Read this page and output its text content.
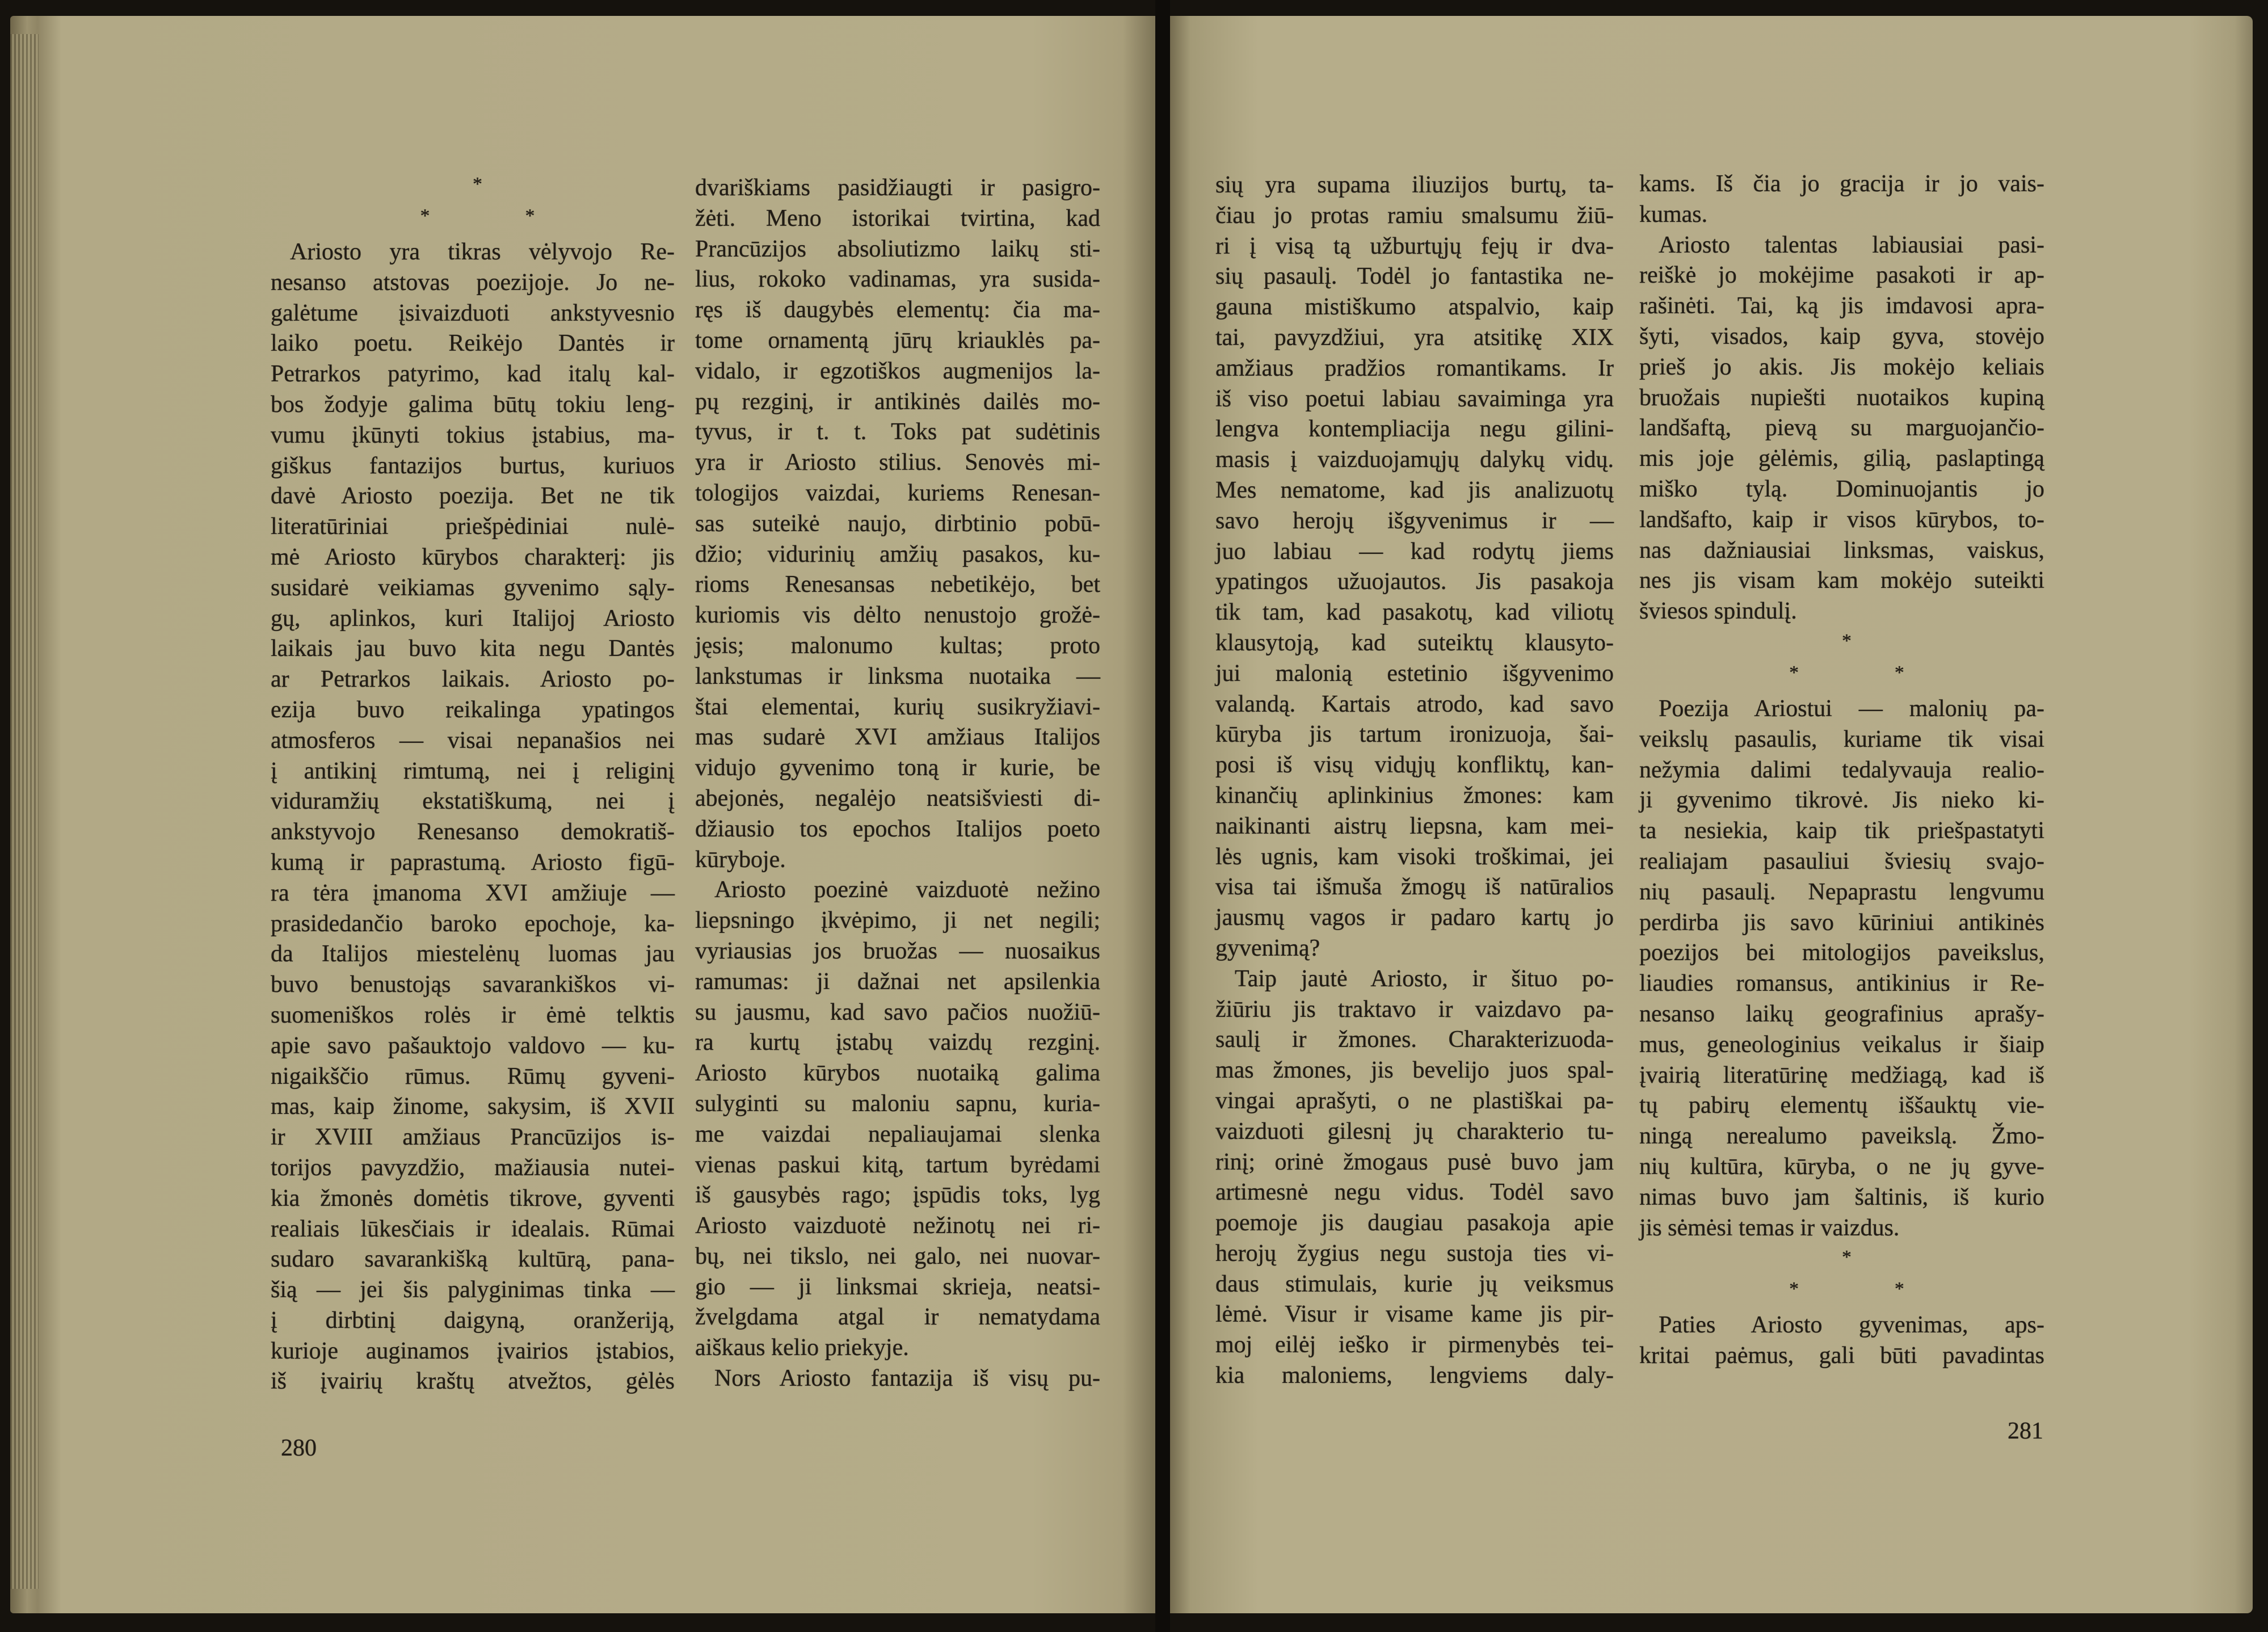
*
*	*
Ariosto yra tikras vėlyvojo Re-
nesanso atstovas poezijoje. Jo ne-
galėtume įsivaizduoti ankstyvesnio
laiko poetu. Reikėjo Dantės ir
Petrarkos patyrimo, kad italų kal-
bos žodyje galima būtų tokiu leng-
vumu įkūnyti tokius įstabius, ma-
giškus fantazijos burtus, kuriuos
davė Ariosto poezija. Bet ne tik
literatūriniai priešpėdiniai nulė-
mė Ariosto kūrybos charakterį: jis
susidarė veikiamas gyvenimo sąly-
gų, aplinkos, kuri Italijoj Ariosto
laikais jau buvo kita negu Dantės
ar Petrarkos laikais. Ariosto po-
ezija buvo reikalinga ypatingos
atmosferos — visai nepanašios nei
į antikinį rimtumą, nei į religinį
viduramžių ekstatiškumą, nei į
ankstyvojo Renesanso demokratiš-
kumą ir paprastumą. Ariosto figū-
ra tėra įmanoma XVI amžiuje —
prasidedančio baroko epochoje, ka-
da Italijos miestelėnų luomas jau
buvo benustojąs savarankiškos vi-
suomeniškos rolės ir ėmė telktis
apie savo pašauktojo valdovo — ku-
nigaikščio rūmus. Rūmų gyveni-
mas, kaip žinome, sakysim, iš XVII
ir XVIII amžiaus Prancūzijos is-
torijos pavyzdžio, mažiausia nutei-
kia žmonės domėtis tikrove, gyventi
realiais lūkesčiais ir idealais. Rūmai
sudaro savarankišką kultūrą, pana-
šią — jei šis palyginimas tinka —
į dirbtinį daigyną, oranžeriją,
kurioje auginamos įvairios įstabios,
iš įvairių kraštų atvežtos, gėlės
dvariškiams pasidžiaugti ir pasigro-
žėti. Meno istorikai tvirtina, kad
Prancūzijos absoliutizmo laikų sti-
lius, rokoko vadinamas, yra susida-
ręs iš daugybės elementų: čia ma-
tome ornamentą jūrų kriauklės pa-
vidalo, ir egzotiškos augmenijos la-
pų rezginį, ir antikinės dailės mo-
tyvus, ir t. t. Toks pat sudėtinis
yra ir Ariosto stilius. Senovės mi-
tologijos vaizdai, kuriems Renesan-
sas suteikė naujo, dirbtinio pobū-
džio; vidurinių amžių pasakos, ku-
rioms Renesansas nebetikėjo, bet
kuriomis vis dėlto nenustojo grožė-
jęsis; malonumo kultas; proto
lankstumas ir linksma nuotaika —
štai elementai, kurių susikryžiavi-
mas sudarė XVI amžiaus Italijos
vidujo gyvenimo toną ir kurie, be
abejonės, negalėjo neatsišviesti di-
džiausio tos epochos Italijos poeto
kūryboje.
Ariosto poezinė vaizduotė nežino
liepsningo įkvėpimo, ji net negili;
vyriausias jos bruožas — nuosaikus
ramumas: ji dažnai net apsilenkia
su jausmu, kad savo pačios nuožiū-
ra kurtų įstabų vaizdų rezginį.
Ariosto kūrybos nuotaiką galima
sulyginti su maloniu sapnu, kuria-
me vaizdai nepaliaujamai slenka
vienas paskui kitą, tartum byrėdami
iš gausybės rago; įspūdis toks, lyg
Ariosto vaizduotė nežinotų nei ri-
bų, nei tikslo, nei galo, nei nuovar-
gio — ji linksmai skrieja, neatsi-
žvelgdama atgal ir nematydama
aiškaus kelio priekyje.
Nors Ariosto fantazija iš visų pu-
sių yra supama iliuzijos burtų, ta-
čiau jo protas ramiu smalsumu žiū-
ri į visą tą užburtųjų fejų ir dva-
sių pasaulį. Todėl jo fantastika ne-
gauna mistiškumo atspalvio, kaip
tai, pavyzdžiui, yra atsitikę XIX
amžiaus pradžios romantikams. Ir
iš viso poetui labiau savaiminga yra
lengva kontempliacija negu gilini-
masis į vaizduojamųjų dalykų vidų.
Mes nematome, kad jis analizuotų
savo herojų išgyvenimus ir —
juo labiau — kad rodytų jiems
ypatingos užuojautos. Jis pasakoja
tik tam, kad pasakotų, kad viliotų
klausytoją, kad suteiktų klausyto-
jui malonią estetinio išgyvenimo
valandą. Kartais atrodo, kad savo
kūryba jis tartum ironizuoja, šai-
posi iš visų vidųjų konfliktų, kan-
kinančių aplinkinius žmones: kam
naikinanti aistrų liepsna, kam mei-
lės ugnis, kam visoki troškimai, jei
visa tai išmuša žmogų iš natūralios
jausmų vagos ir padaro kartų jo
gyvenimą?
Taip jautė Ariosto, ir šituo po-
žiūriu jis traktavo ir vaizdavo pa-
saulį ir žmones. Charakterizuoda-
mas žmones, jis bevelijo juos spal-
vingai aprašyti, o ne plastiškai pa-
vaizduoti gilesnį jų charakterio tu-
rinį; orinė žmogaus pusė buvo jam
artimesnė negu vidus. Todėl savo
poemoje jis daugiau pasakoja apie
herojų žygius negu sustoja ties vi-
daus stimulais, kurie jų veiksmus
lėmė. Visur ir visame kame jis pir-
moj eilėj ieško ir pirmenybės tei-
kia maloniems, lengviems daly-
kams. Iš čia jo gracija ir jo vais-
kumas.
Ariosto talentas labiausiai pasi-
reiškė jo mokėjime pasakoti ir ap-
rašinėti. Tai, ką jis imdavosi apra-
šyti, visados, kaip gyva, stovėjo
prieš jo akis. Jis mokėjo keliais
bruožais nupiešti nuotaikos kupiną
landšaftą, pievą su marguojančio-
mis joje gėlėmis, gilią, paslaptingą
miško tylą. Dominuojantis jo
landšafto, kaip ir visos kūrybos, to-
nas dažniausiai linksmas, vaiskus,
nes jis visam kam mokėjo suteikti
šviesos spindulį.
*
*	*
Poezija Ariostui — malonių pa-
veikslų pasaulis, kuriame tik visai
nežymia dalimi tedalyvauja realio-
ji gyvenimo tikrovė. Jis nieko ki-
ta nesiekia, kaip tik priešpastatyti
realiajam pasauliui šviesių svajo-
nių pasaulį. Nepaprastu lengvumu
perdirba jis savo kūriniui antikinės
poezijos bei mitologijos paveikslus,
liaudies romansus, antikinius ir Re-
nesanso laikų geografinius aprašy-
mus, geneologinius veikalus ir šiaip
įvairią literatūrinę medžiagą, kad iš
tų pabirų elementų iššauktų vie-
ningą nerealumo paveikslą. Žmo-
nių kultūra, kūryba, o ne jų gyve-
nimas buvo jam šaltinis, iš kurio
jis sėmėsi temas ir vaizdus.
*
*	*
Paties Ariosto gyvenimas, aps-
kritai paėmus, gali būti pavadintas
280
281
